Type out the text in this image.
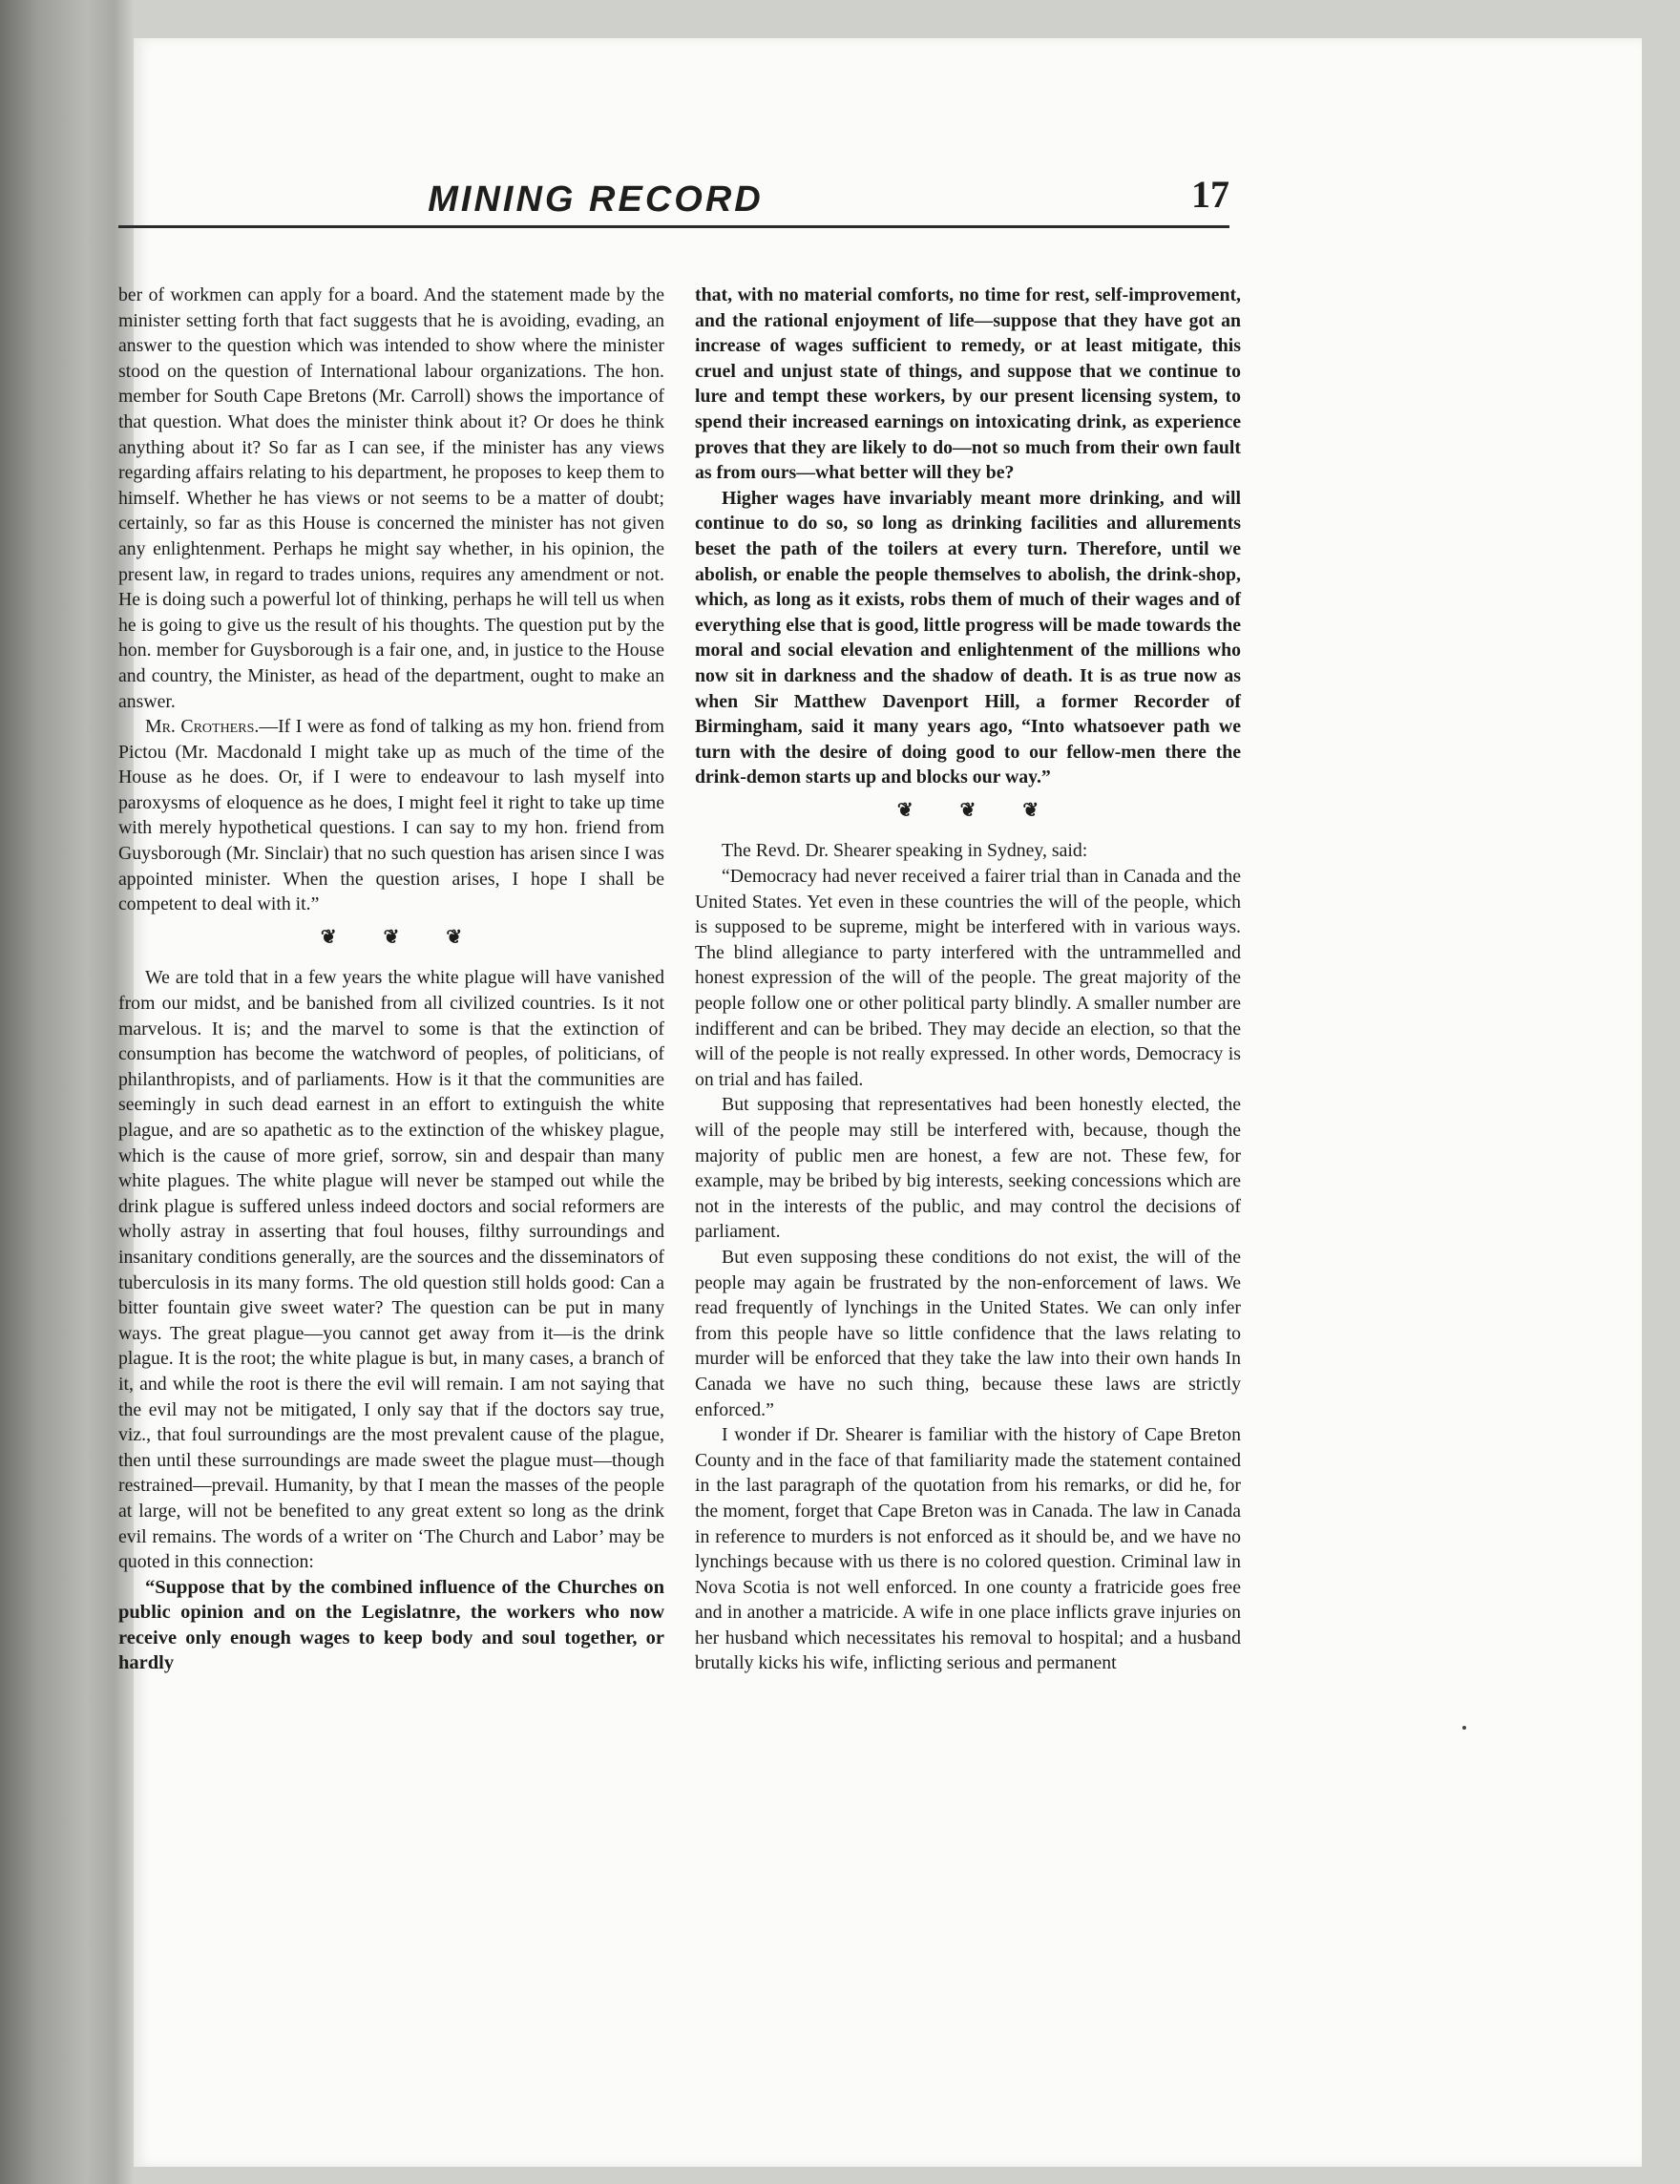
MINING RECORD	17

ber of workmen can apply for a board. And the statement made by the minister setting forth that fact suggests that he is avoiding, evading, an answer to the question which was intended to show where the minister stood on the question of International labour organizations. The hon. member for South Cape Bretons (Mr. Carroll) shows the importance of that question. What does the minister think about it? Or does he think anything about it? So far as I can see, if the minister has any views regarding affairs relating to his department, he proposes to keep them to himself. Whether he has views or not seems to be a matter of doubt; certainly, so far as this House is concerned the minister has not given any enlightenment. Perhaps he might say whether, in his opinion, the present law, in regard to trades unions, requires any amendment or not. He is doing such a powerful lot of thinking, perhaps he will tell us when he is going to give us the result of his thoughts. The question put by the hon. member for Guysborough is a fair one, and, in justice to the House and country, the Minister, as head of the department, ought to make an answer.

Mr. Crothers.—If I were as fond of talking as my hon. friend from Pictou (Mr. Macdonald I might take up as much of the time of the House as he does. Or, if I were to endeavour to lash myself into paroxysms of eloquence as he does, I might feel it right to take up time with merely hypothetical questions. I can say to my hon. friend from Guysborough (Mr. Sinclair) that no such question has arisen since I was appointed minister. When the question arises, I hope I shall be competent to deal with it.”

❦ ❦ ❦

We are told that in a few years the white plague will have vanished from our midst, and be banished from all civilized countries. Is it not marvelous. It is; and the marvel to some is that the extinction of consumption has become the watchword of peoples, of politicians, of philanthropists, and of parliaments. How is it that the communities are seemingly in such dead earnest in an effort to extinguish the white plague, and are so apathetic as to the extinction of the whiskey plague, which is the cause of more grief, sorrow, sin and despair than many white plagues. The white plague will never be stamped out while the drink plague is suffered unless indeed doctors and social reformers are wholly astray in asserting that foul houses, filthy surroundings and insanitary conditions generally, are the sources and the disseminators of tuberculosis in its many forms. The old question still holds good: Can a bitter fountain give sweet water? The question can be put in many ways. The great plague—you cannot get away from it—is the drink plague. It is the root; the white plague is but, in many cases, a branch of it, and while the root is there the evil will remain. I am not saying that the evil may not be mitigated, I only say that if the doctors say true, viz., that foul surroundings are the most prevalent cause of the plague, then until these surroundings are made sweet the plague must—though restrained—prevail. Humanity, by that I mean the masses of the people at large, will not be benefited to any great extent so long as the drink evil remains. The words of a writer on ‘The Church and Labor’ may be quoted in this connection:

“Suppose that by the combined influence of the Churches on public opinion and on the Legislatnre, the workers who now receive only enough wages to keep body and soul together, or hardly

that, with no material comforts, no time for rest, self-improvement, and the rational enjoyment of life—suppose that they have got an increase of wages sufficient to remedy, or at least mitigate, this cruel and unjust state of things, and suppose that we continue to lure and tempt these workers, by our present licensing system, to spend their increased earnings on intoxicating drink, as experience proves that they are likely to do—not so much from their own fault as from ours—what better will they be?

Higher wages have invariably meant more drinking, and will continue to do so, so long as drinking facilities and allurements beset the path of the toilers at every turn. Therefore, until we abolish, or enable the people themselves to abolish, the drink-shop, which, as long as it exists, robs them of much of their wages and of everything else that is good, little progress will be made towards the moral and social elevation and enlightenment of the millions who now sit in darkness and the shadow of death. It is as true now as when Sir Matthew Davenport Hill, a former Recorder of Birmingham, said it many years ago, “Into whatsoever path we turn with the desire of doing good to our fellow-men there the drink-demon starts up and blocks our way.”

❦ ❦ ❦

The Revd. Dr. Shearer speaking in Sydney, said:

“Democracy had never received a fairer trial than in Canada and the United States. Yet even in these countries the will of the people, which is supposed to be supreme, might be interfered with in various ways. The blind allegiance to party interfered with the untrammelled and honest expression of the will of the people. The great majority of the people follow one or other political party blindly. A smaller number are indifferent and can be bribed. They may decide an election, so that the will of the people is not really expressed. In other words, Democracy is on trial and has failed.

But supposing that representatives had been honestly elected, the will of the people may still be interfered with, because, though the majority of public men are honest, a few are not. These few, for example, may be bribed by big interests, seeking concessions which are not in the interests of the public, and may control the decisions of parliament.

But even supposing these conditions do not exist, the will of the people may again be frustrated by the non-enforcement of laws. We read frequently of lynchings in the United States. We can only infer from this people have so little confidence that the laws relating to murder will be enforced that they take the law into their own hands In Canada we have no such thing, because these laws are strictly enforced.”

I wonder if Dr. Shearer is familiar with the history of Cape Breton County and in the face of that familiarity made the statement contained in the last paragraph of the quotation from his remarks, or did he, for the moment, forget that Cape Breton was in Canada. The law in Canada in reference to murders is not enforced as it should be, and we have no lynchings because with us there is no colored question. Criminal law in Nova Scotia is not well enforced. In one county a fratricide goes free and in another a matricide. A wife in one place inflicts grave injuries on her husband which necessitates his removal to hospital; and a husband brutally kicks his wife, inflicting serious and permanent
